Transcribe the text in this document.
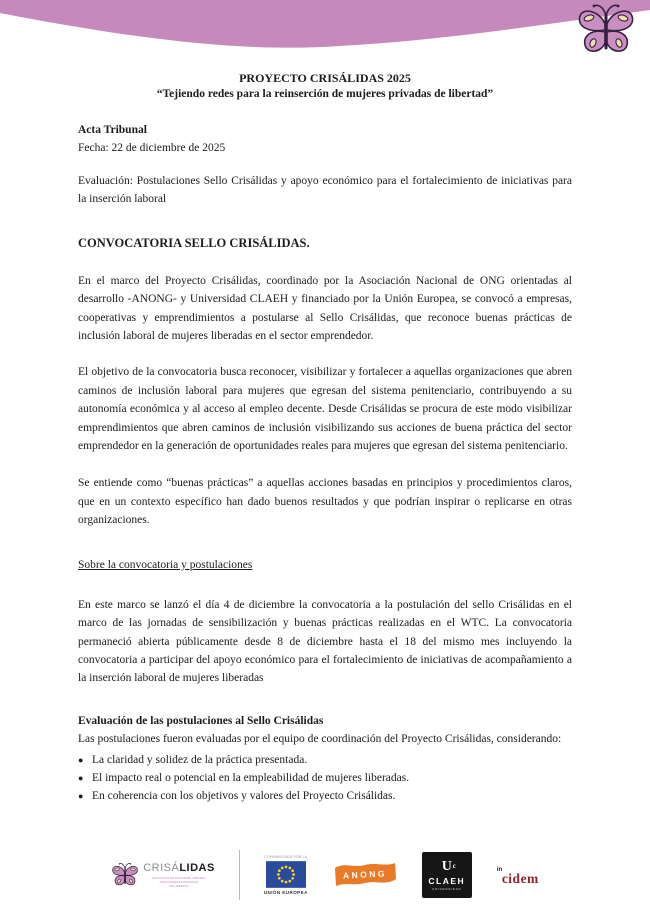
PROYECTO CRISÁLIDAS 2025
“Tejiendo redes para la reinserción de mujeres privadas de libertad”
Acta Tribunal
Fecha: 22 de diciembre de 2025
Evaluación: Postulaciones Sello Crisálidas y apoyo económico para el fortalecimiento de iniciativas para la inserción laboral
CONVOCATORIA SELLO CRISÁLIDAS.
En el marco del Proyecto Crisálidas, coordinado por la Asociación Nacional de ONG orientadas al desarrollo -ANONG- y Universidad CLAEH y financiado por la Unión Europea, se convocó a empresas, cooperativas y emprendimientos a postularse al Sello Crisálidas, que reconoce buenas prácticas de inclusión laboral de mujeres liberadas en el sector emprendedor.
El objetivo de la convocatoria busca reconocer, visibilizar y fortalecer a aquellas organizaciones que abren caminos de inclusión laboral para mujeres que egresan del sistema penitenciario, contribuyendo a su autonomía económica y al acceso al empleo decente. Desde Crisálidas se procura de este modo visibilizar emprendimientos que abren caminos de inclusión visibilizando sus acciones de buena práctica del sector emprendedor en la generación de oportunidades reales para mujeres que egresan del sistema penitenciario.
Se entiende como “buenas prácticas” a aquellas acciones basadas en principios y procedimientos claros, que en un contexto específico han dado buenos resultados y que podrían inspirar o replicarse en otras organizaciones.
Sobre la convocatoria y postulaciones
En este marco se lanzó el día 4 de diciembre la convocatoria a la postulación del sello Crisálidas en el marco de las jornadas de sensibilización y buenas prácticas realizadas en el WTC. La convocatoria permaneció abierta públicamente desde 8 de diciembre hasta el 18 del mismo mes incluyendo la convocatoria a participar del apoyo económico para el fortalecimiento de iniciativas de acompañamiento a la inserción laboral de mujeres liberadas
Evaluación de las postulaciones al Sello Crisálidas
Las postulaciones fueron evaluadas por el equipo de coordinación del Proyecto Crisálidas, considerando:
● La claridad y solidez de la práctica presentada.
● El impacto real o potencial en la empleabilidad de mujeres liberadas.
● En coherencia con los objetivos y valores del Proyecto Crisálidas.
CRISÁLIDAS
PROYECTO DE INCLUSIÓN LABORAL
PARA MUJERES PRIVADAS
DE LIBERTAD
COFINANCIADO POR LA
UNIÓN EUROPEA
ANONG
U c
CLAEH
UNIVERSIDAD
in
cidem
